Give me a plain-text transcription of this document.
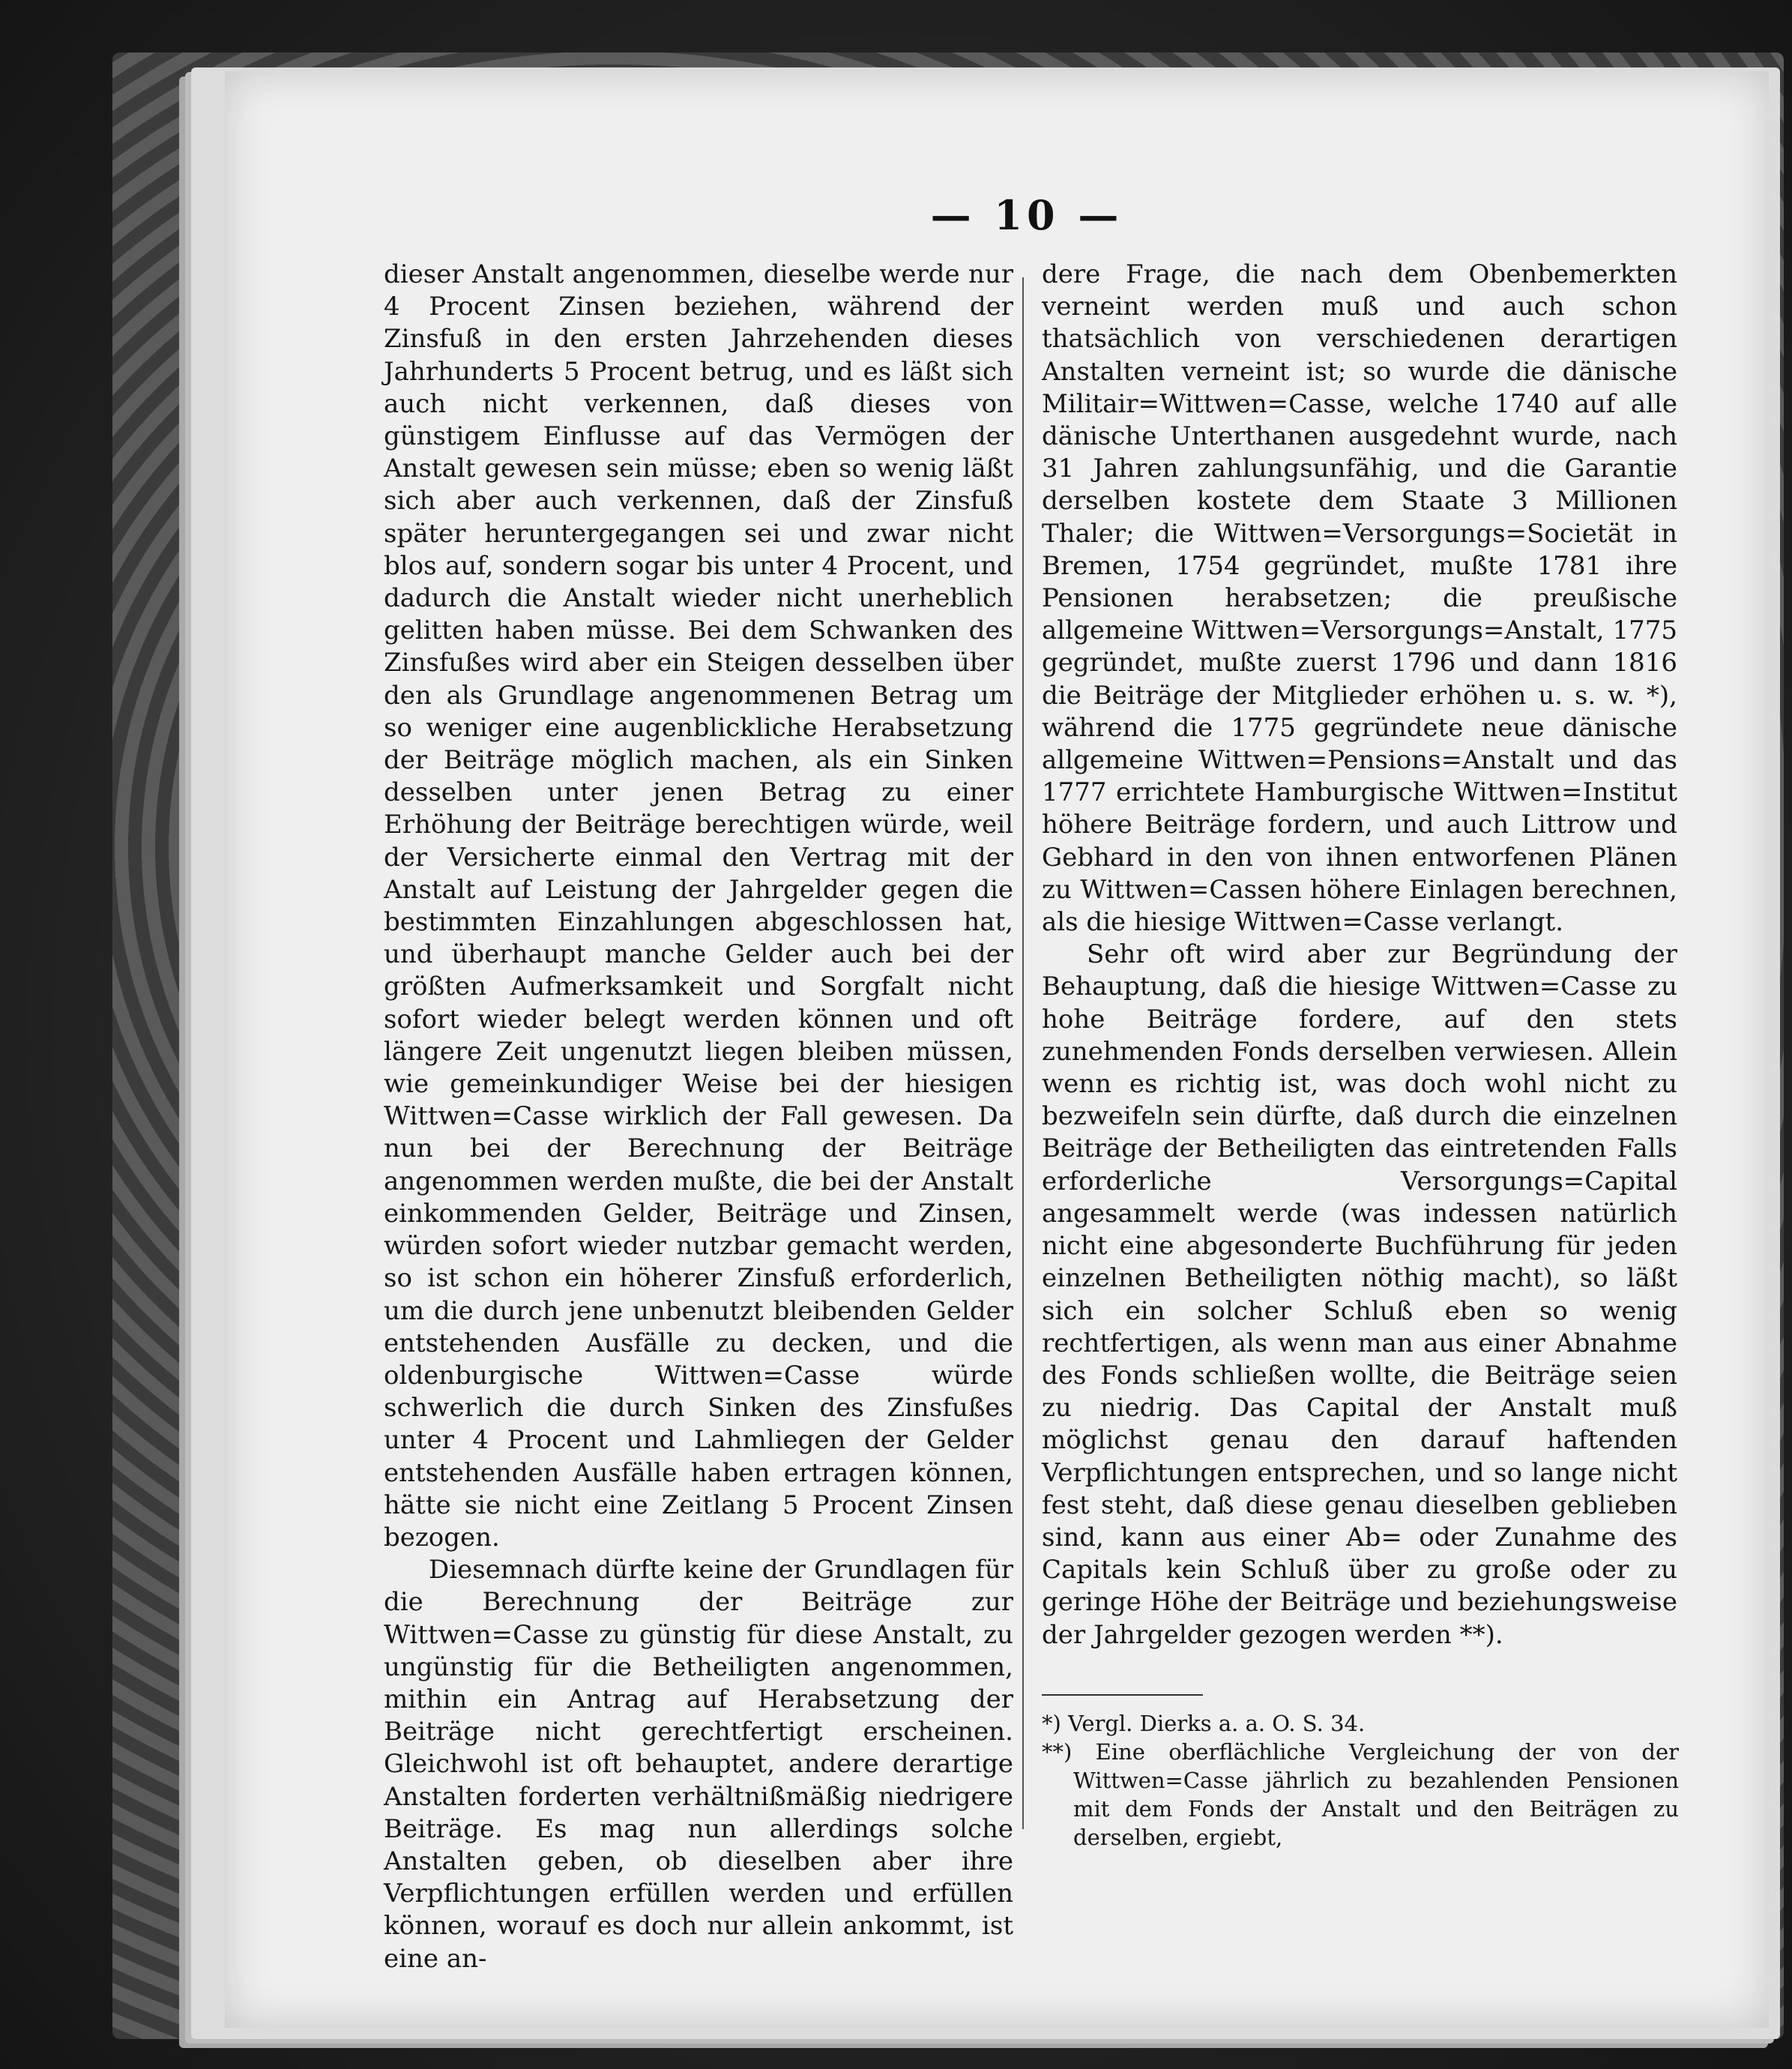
— 10 —

dieser Anstalt angenommen, dieselbe werde nur 4 Procent Zinsen beziehen, während der Zinsfuß in den ersten Jahrzehenden dieses Jahrhunderts 5 Procent betrug, und es läßt sich auch nicht verkennen, daß dieses von günstigem Einflusse auf das Vermögen der Anstalt gewesen sein müsse; eben so wenig läßt sich aber auch verkennen, daß der Zinsfuß später heruntergegangen sei und zwar nicht blos auf, sondern sogar bis unter 4 Procent, und dadurch die Anstalt wieder nicht unerheblich gelitten haben müsse. Bei dem Schwanken des Zinsfußes wird aber ein Steigen desselben über den als Grundlage angenommenen Betrag um so weniger eine augenblickliche Herabsetzung der Beiträge möglich machen, als ein Sinken desselben unter jenen Betrag zu einer Erhöhung der Beiträge berechtigen würde, weil der Versicherte einmal den Vertrag mit der Anstalt auf Leistung der Jahrgelder gegen die bestimmten Einzahlungen abgeschlossen hat, und überhaupt manche Gelder auch bei der größten Aufmerksamkeit und Sorgfalt nicht sofort wieder belegt werden können und oft längere Zeit ungenutzt liegen bleiben müssen, wie gemeinkundiger Weise bei der hiesigen Wittwen=Casse wirklich der Fall gewesen. Da nun bei der Berechnung der Beiträge angenommen werden mußte, die bei der Anstalt einkommenden Gelder, Beiträge und Zinsen, würden sofort wieder nutzbar gemacht werden, so ist schon ein höherer Zinsfuß erforderlich, um die durch jene unbenutzt bleibenden Gelder entstehenden Ausfälle zu decken, und die oldenburgische Wittwen=Casse würde schwerlich die durch Sinken des Zinsfußes unter 4 Procent und Lahmliegen der Gelder entstehenden Ausfälle haben ertragen können, hätte sie nicht eine Zeitlang 5 Procent Zinsen bezogen.

Diesemnach dürfte keine der Grundlagen für die Berechnung der Beiträge zur Wittwen=Casse zu günstig für diese Anstalt, zu ungünstig für die Betheiligten angenommen, mithin ein Antrag auf Herabsetzung der Beiträge nicht gerechtfertigt erscheinen. Gleichwohl ist oft behauptet, andere derartige Anstalten forderten verhältnißmäßig niedrigere Beiträge. Es mag nun allerdings solche Anstalten geben, ob dieselben aber ihre Verpflichtungen erfüllen werden und erfüllen können, worauf es doch nur allein ankommt, ist eine an-

dere Frage, die nach dem Obenbemerkten verneint werden muß und auch schon thatsächlich von verschiedenen derartigen Anstalten verneint ist; so wurde die dänische Militair=Wittwen=Casse, welche 1740 auf alle dänische Unterthanen ausgedehnt wurde, nach 31 Jahren zahlungsunfähig, und die Garantie derselben kostete dem Staate 3 Millionen Thaler; die Wittwen=Versorgungs=Societät in Bremen, 1754 gegründet, mußte 1781 ihre Pensionen herabsetzen; die preußische allgemeine Wittwen=Versorgungs=Anstalt, 1775 gegründet, mußte zuerst 1796 und dann 1816 die Beiträge der Mitglieder erhöhen u. s. w. *), während die 1775 gegründete neue dänische allgemeine Wittwen=Pensions=Anstalt und das 1777 errichtete Hamburgische Wittwen=Institut höhere Beiträge fordern, und auch Littrow und Gebhard in den von ihnen entworfenen Plänen zu Wittwen=Cassen höhere Einlagen berechnen, als die hiesige Wittwen=Casse verlangt.

Sehr oft wird aber zur Begründung der Behauptung, daß die hiesige Wittwen=Casse zu hohe Beiträge fordere, auf den stets zunehmenden Fonds derselben verwiesen. Allein wenn es richtig ist, was doch wohl nicht zu bezweifeln sein dürfte, daß durch die einzelnen Beiträge der Betheiligten das eintretenden Falls erforderliche Versorgungs=Capital angesammelt werde (was indessen natürlich nicht eine abgesonderte Buchführung für jeden einzelnen Betheiligten nöthig macht), so läßt sich ein solcher Schluß eben so wenig rechtfertigen, als wenn man aus einer Abnahme des Fonds schließen wollte, die Beiträge seien zu niedrig. Das Capital der Anstalt muß möglichst genau den darauf haftenden Verpflichtungen entsprechen, und so lange nicht fest steht, daß diese genau dieselben geblieben sind, kann aus einer Ab= oder Zunahme des Capitals kein Schluß über zu große oder zu geringe Höhe der Beiträge und beziehungsweise der Jahrgelder gezogen werden **).

*) Vergl. Dierks a. a. O. S. 34.

**) Eine oberflächliche Vergleichung der von der Wittwen=Casse jährlich zu bezahlenden Pensionen mit dem Fonds der Anstalt und den Beiträgen zu derselben, ergiebt,
